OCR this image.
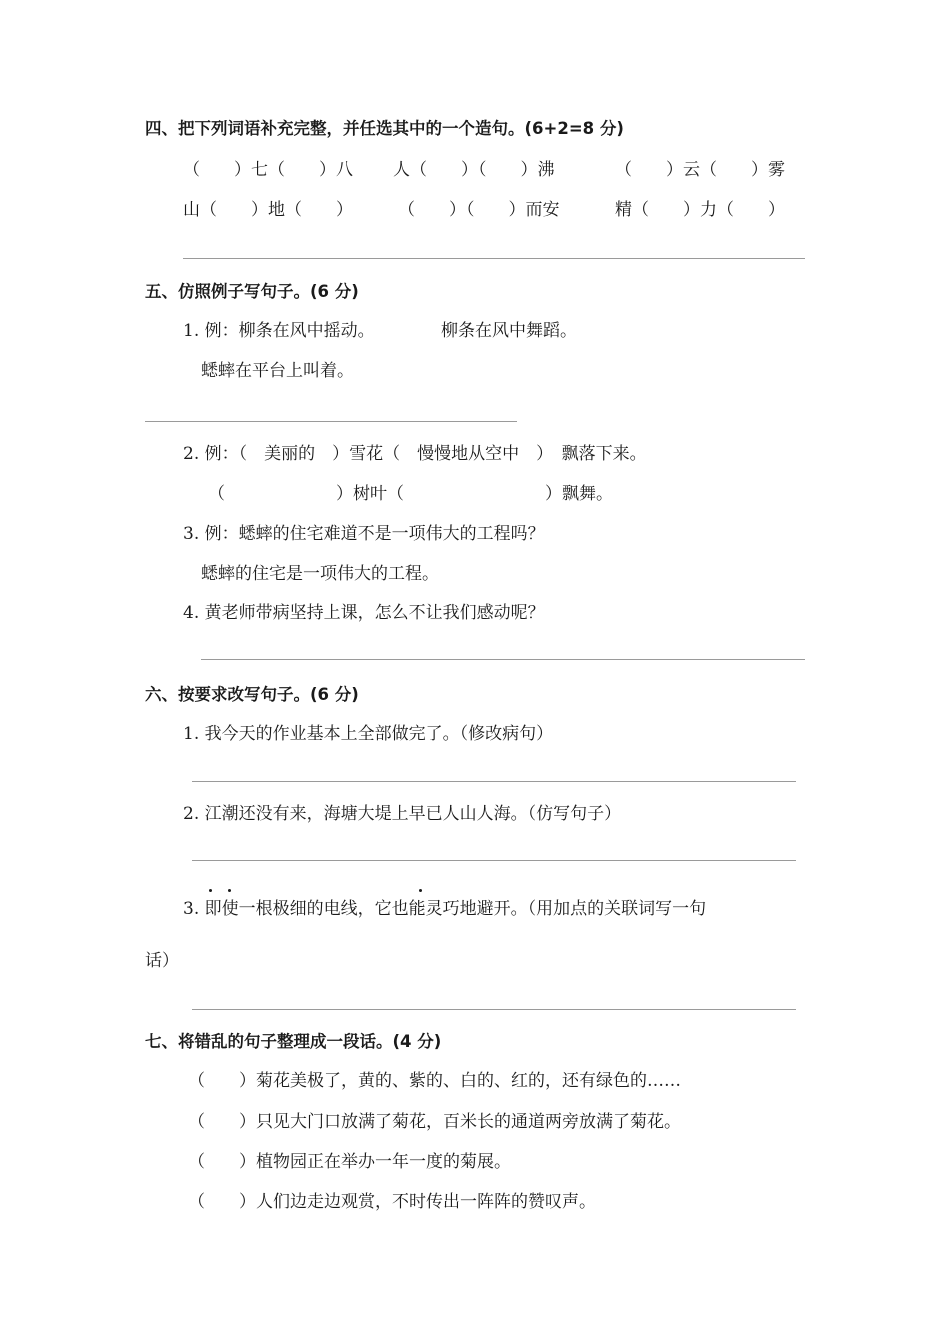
四、把下列词语补充完整，并任选其中的一个造句。(6+2=8 分)
（　　）七（　　）八 人（　　）（　　）沸	（　　）云（　　）雾
山（　　）地（　　）	（　　）（　　）而安	精（　　）力（　　）
五、仿照例子写句子。(6 分)
1. 例：柳条在风中摇动。	柳条在风中舞蹈。
蟋蟀在平台上叫着。
2. 例：（　美丽的　）雪花（　慢慢地从空中　）　飘落下来。
（	）树叶（	）飘舞。
3. 例：蟋蟀的住宅难道不是一项伟大的工程吗？
蟋蟀的住宅是一项伟大的工程。
4. 黄老师带病坚持上课，怎么不让我们感动呢？
六、按要求改写句子。(6 分)
1. 我今天的作业基本上全部做完了。（修改病句）
2. 江潮还没有来，海塘大堤上早已人山人海。（仿写句子）
3. 即使一根极细的电线，它也能灵巧地避开。（用加点的关联词写一句
话）
七、将错乱的句子整理成一段话。(4 分)
（　　）菊花美极了，黄的、紫的、白的、红的，还有绿色的……
（　　）只见大门口放满了菊花，百米长的通道两旁放满了菊花。
（　　）植物园正在举办一年一度的菊展。
（　　）人们边走边观赏，不时传出一阵阵的赞叹声。
